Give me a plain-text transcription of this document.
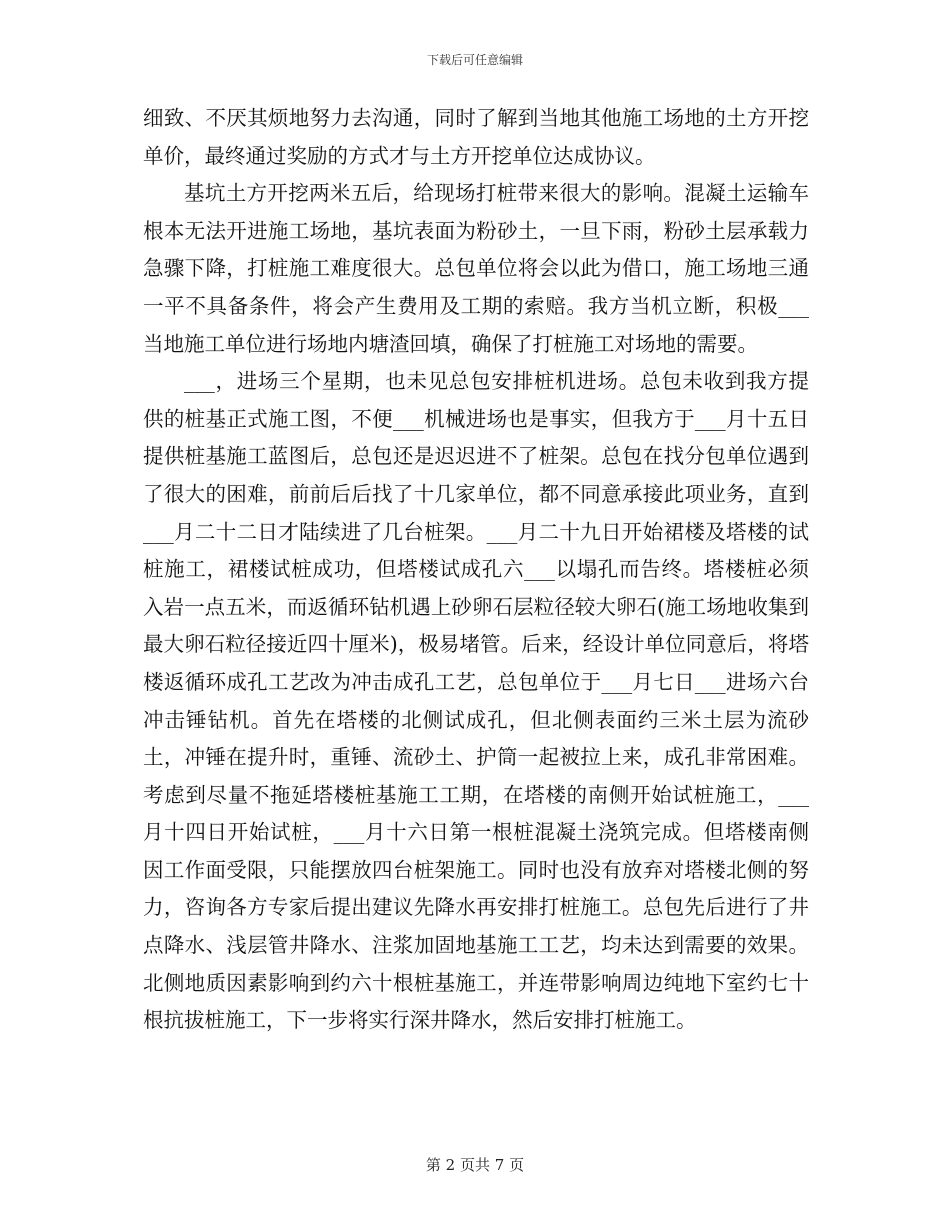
下载后可任意编辑

细致、不厌其烦地努力去沟通，同时了解到当地其他施工场地的土方开挖单价，最终通过奖励的方式才与土方开挖单位达成协议。

基坑土方开挖两米五后，给现场打桩带来很大的影响。混凝土运输车根本无法开进施工场地，基坑表面为粉砂土，一旦下雨，粉砂土层承载力急骤下降，打桩施工难度很大。总包单位将会以此为借口，施工场地三通一平不具备条件，将会产生费用及工期的索赔。我方当机立断，积极___当地施工单位进行场地内塘渣回填，确保了打桩施工对场地的需要。

___，进场三个星期，也未见总包安排桩机进场。总包未收到我方提供的桩基正式施工图，不便___机械进场也是事实，但我方于___月十五日提供桩基施工蓝图后，总包还是迟迟进不了桩架。总包在找分包单位遇到了很大的困难，前前后后找了十几家单位，都不同意承接此项业务，直到___月二十二日才陆续进了几台桩架。___月二十九日开始裙楼及塔楼的试桩施工，裙楼试桩成功，但塔楼试成孔六___以塌孔而告终。塔楼桩必须入岩一点五米，而返循环钻机遇上砂卵石层粒径较大卵石(施工场地收集到最大卵石粒径接近四十厘米)，极易堵管。后来，经设计单位同意后，将塔楼返循环成孔工艺改为冲击成孔工艺，总包单位于___月七日___进场六台冲击锤钻机。首先在塔楼的北侧试成孔，但北侧表面约三米土层为流砂土，冲锤在提升时，重锤、流砂土、护筒一起被拉上来，成孔非常困难。考虑到尽量不拖延塔楼桩基施工工期，在塔楼的南侧开始试桩施工，___月十四日开始试桩，___月十六日第一根桩混凝土浇筑完成。但塔楼南侧因工作面受限，只能摆放四台桩架施工。同时也没有放弃对塔楼北侧的努力，咨询各方专家后提出建议先降水再安排打桩施工。总包先后进行了井点降水、浅层管井降水、注浆加固地基施工工艺，均未达到需要的效果。北侧地质因素影响到约六十根桩基施工，并连带影响周边纯地下室约七十根抗拔桩施工，下一步将实行深井降水，然后安排打桩施工。

第 2 页共 7 页
